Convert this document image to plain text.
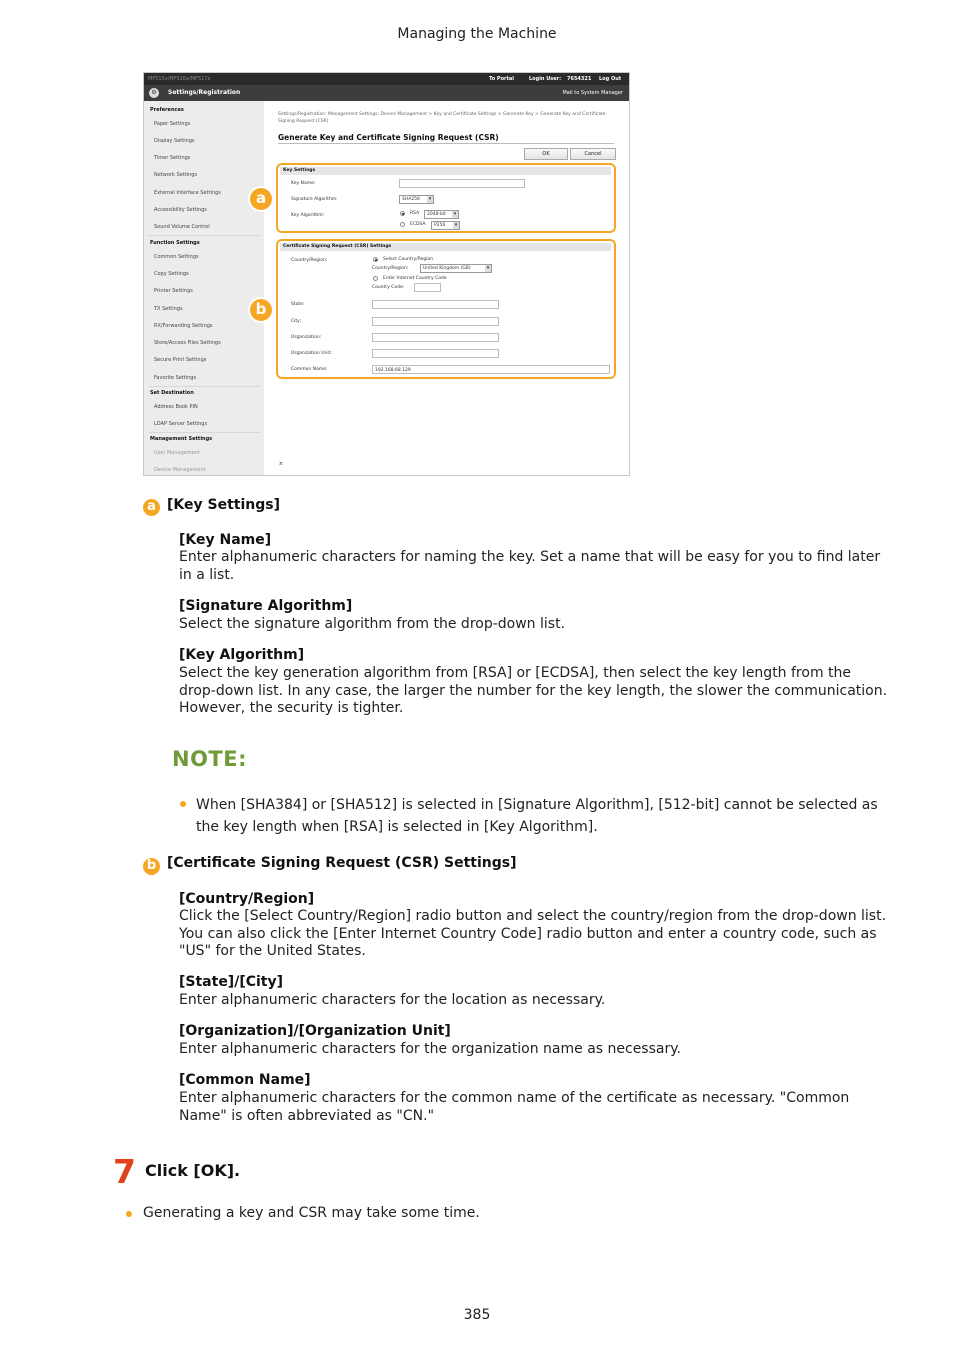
Managing the Machine
MF515x/MF516x/MF517x	To Portal	Login User: 7654321 Log Out
⚙	Settings/Registration	Mail to System Manager
Preferences
Paper Settings
Display Settings
Timer Settings
Network Settings
External Interface Settings
Accessibility Settings
Sound Volume Control
Function Settings
Common Settings
Copy Settings
Printer Settings
TX Settings
RX/Forwarding Settings
Store/Access Files Settings
Secure Print Settings
Favorite Settings
Set Destination
Address Book PIN
LDAP Server Settings
Management Settings
User Management
Device Management
Settings/Registration: Management Settings: Device Management > Key and Certificate Settings > Generate Key > Generate Key and Certificate Signing Request (CSR)
Generate Key and Certificate Signing Request (CSR)
OK	Cancel
Key Settings
Key Name:
Signature Algorithm:	SHA256 ▾
Key Algorithm:	RSA	2048-bit ▾
ECDSA	P256 ▾
Certificate Signing Request (CSR) Settings
Country/Region:	Select Country/Region
Country/Region:	United Kingdom (GB) ▾
Enter Internet Country Code
Country Code:
State:
City:
Organization:
Organization Unit:
Common Name:	192.168.68.129
⌅
a
b
a [Key Settings]
[Key Name]
Enter alphanumeric characters for naming the key. Set a name that will be easy for you to find later in a list.
[Signature Algorithm]
Select the signature algorithm from the drop-down list.
[Key Algorithm]
Select the key generation algorithm from [RSA] or [ECDSA], then select the key length from the drop-down list. In any case, the larger the number for the key length, the slower the communication. However, the security is tighter.
NOTE:
When [SHA384] or [SHA512] is selected in [Signature Algorithm], [512-bit] cannot be selected as the key length when [RSA] is selected in [Key Algorithm].
b [Certificate Signing Request (CSR) Settings]
[Country/Region]
Click the [Select Country/Region] radio button and select the country/region from the drop-down list. You can also click the [Enter Internet Country Code] radio button and enter a country code, such as "US" for the United States.
[State]/[City]
Enter alphanumeric characters for the location as necessary.
[Organization]/[Organization Unit]
Enter alphanumeric characters for the organization name as necessary.
[Common Name]
Enter alphanumeric characters for the common name of the certificate as necessary. "Common Name" is often abbreviated as "CN."
7 Click [OK].
Generating a key and CSR may take some time.
385
